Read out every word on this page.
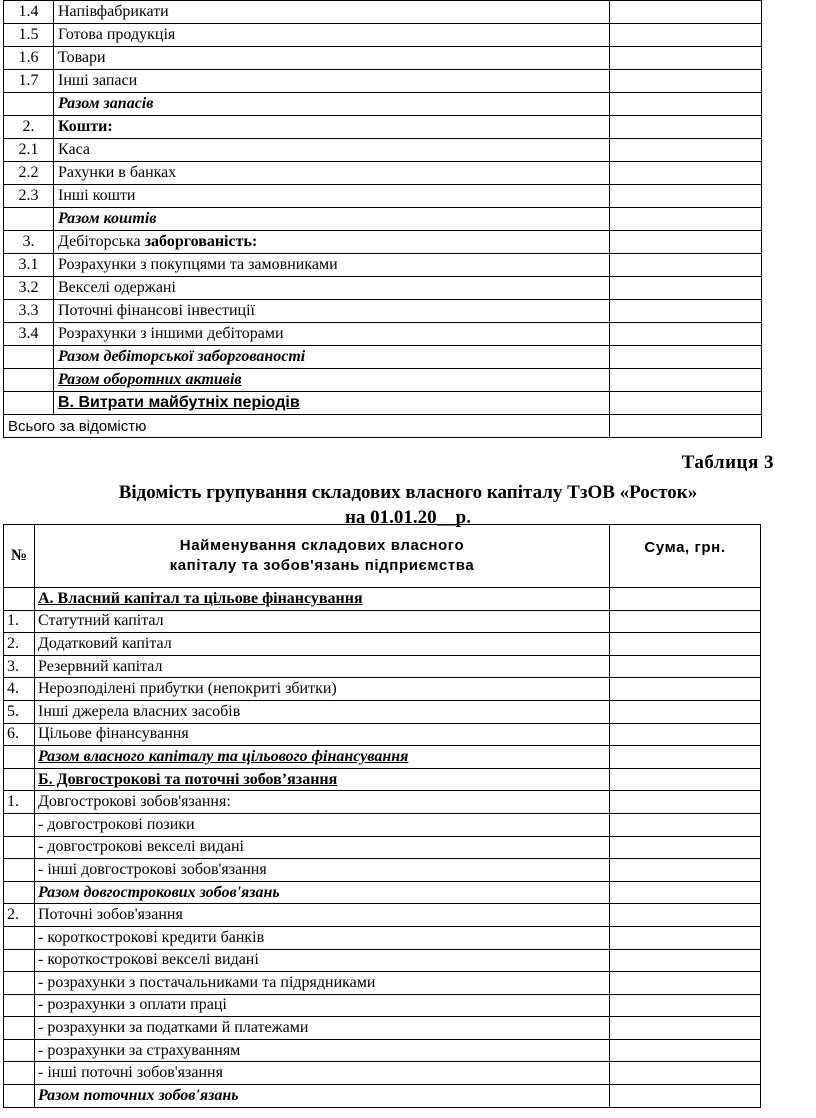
1.4	Напівфабрикати	
1.5	Готова продукція	
1.6	Товари	
1.7	Інші запаси	
	Разом запасів	
2.	Кошти:	
2.1	Каса	
2.2	Рахунки в банках	
2.3	Інші кошти	
	Разом коштів	
3.	Дебіторська заборгованість:	
3.1	Розрахунки з покупцями та замовниками	
3.2	Векселі одержані	
3.3	Поточні фінансові інвестиції	
3.4	Розрахунки з іншими дебіторами	
	Разом дебіторської заборгованості	
	Разом оборотних активів	
	В. Витрати майбутніх періодів	
Всього за відомістю		
Таблиця 3
Відомість групування складових власного капіталу ТзОВ «Росток»
на 01.01.20__р.
№	Найменування складових власного
капіталу та зобов'язань підприємства	Сума, грн.
	А. Власний капітал та цільове фінансування	
1.	Статутний капітал	
2.	Додатковий капітал	
3.	Резервний капітал	
4.	Нерозподілені прибутки (непокриті збитки)	
5.	Інші джерела власних засобів	
6.	Цільове фінансування	
	Разом власного капіталу та цільового фінансування	
	Б. Довгострокові та поточні зобов’язання	
1.	Довгострокові зобов'язання:	
	- довгострокові позики	
	- довгострокові векселі видані	
	- інші довгострокові зобов'язання	
	Разом довгострокових зобов'язань	
2.	Поточні зобов'язання	
	- короткострокові кредити банків	
	- короткострокові векселі видані	
	- розрахунки з постачальниками та підрядниками	
	- розрахунки з оплати праці	
	- розрахунки за податками й платежами	
	- розрахунки за страхуванням	
	- інші поточні зобов'язання	
	Разом поточних зобов'язань	
